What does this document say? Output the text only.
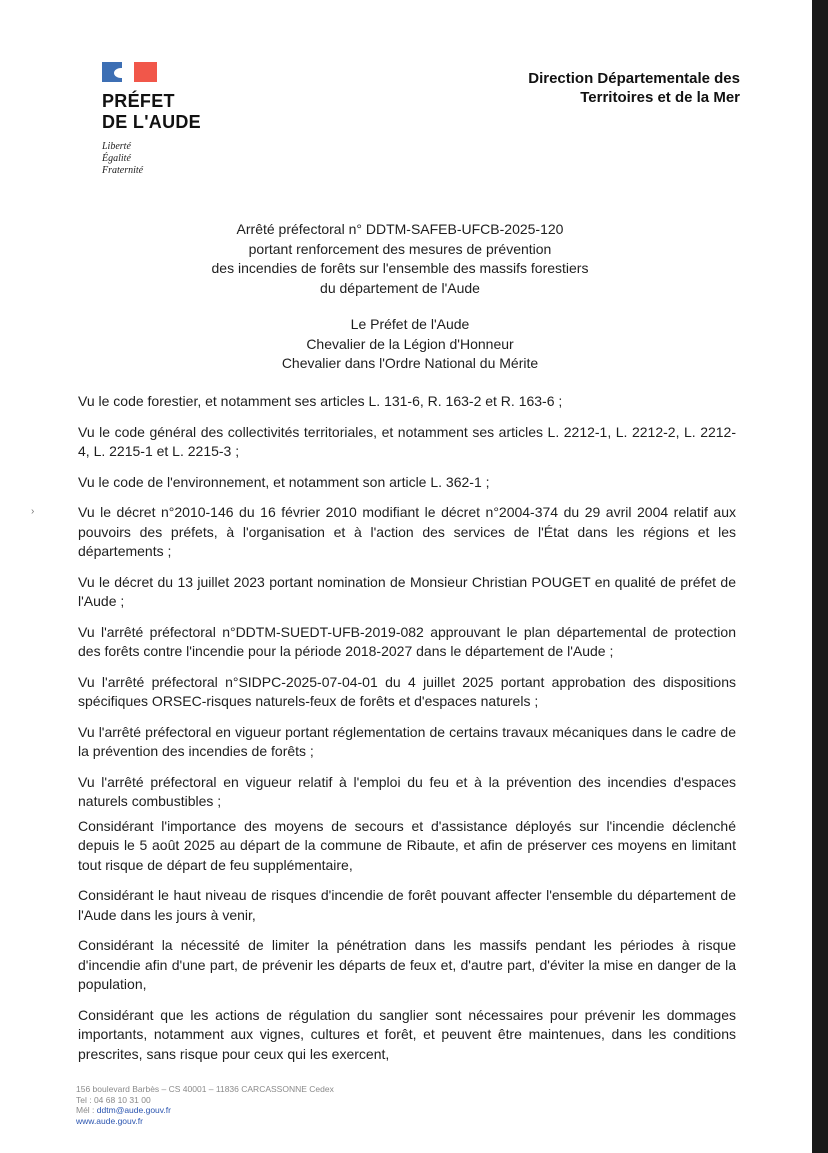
PRÉFET
DE L'AUDE
Liberté
Égalité
Fraternité
Direction Départementale des
Territoires et de la Mer
Arrêté préfectoral n° DDTM-SAFEB-UFCB-2025-120
portant renforcement des mesures de prévention
des incendies de forêts sur l'ensemble des massifs forestiers
du département de l'Aude
Le Préfet de l'Aude
Chevalier de la Légion d'Honneur
Chevalier dans l'Ordre National du Mérite
›

Vu le code forestier, et notamment ses articles L. 131-6, R. 163-2 et R. 163-6 ;

Vu le code général des collectivités territoriales, et notamment ses articles L. 2212-1, L. 2212-2, L. 2212-4, L. 2215-1 et L. 2215-3 ;

Vu le code de l'environnement, et notamment son article L. 362-1 ;

Vu le décret n°2010-146 du 16 février 2010 modifiant le décret n°2004-374 du 29 avril 2004 relatif aux pouvoirs des préfets, à l'organisation et à l'action des services de l'État dans les régions et les départements ;

Vu le décret du 13 juillet 2023 portant nomination de Monsieur Christian POUGET en qualité de préfet de l'Aude ;

Vu l'arrêté préfectoral n°DDTM-SUEDT-UFB-2019-082 approuvant le plan départemental de protection des forêts contre l'incendie pour la période 2018-2027 dans le département de l'Aude ;

Vu l'arrêté préfectoral n°SIDPC-2025-07-04-01 du 4 juillet 2025 portant approbation des dispositions spécifiques ORSEC-risques naturels-feux de forêts et d'espaces naturels ;

Vu l'arrêté préfectoral en vigueur portant réglementation de certains travaux mécaniques dans le cadre de la prévention des incendies de forêts ;

Vu l'arrêté préfectoral en vigueur relatif à l'emploi du feu et à la prévention des incendies d'espaces naturels combustibles ;

Considérant l'importance des moyens de secours et d'assistance déployés sur l'incendie déclenché depuis le 5 août 2025 au départ de la commune de Ribaute, et afin de préserver ces moyens en limitant tout risque de départ de feu supplémentaire,

Considérant le haut niveau de risques d'incendie de forêt pouvant affecter l'ensemble du département de l'Aude dans les jours à venir,

Considérant la nécessité de limiter la pénétration dans les massifs pendant les périodes à risque d'incendie afin d'une part, de prévenir les départs de feux et, d'autre part, d'éviter la mise en danger de la population,

Considérant que les actions de régulation du sanglier sont nécessaires pour prévenir les dommages importants, notamment aux vignes, cultures et forêt, et peuvent être maintenues, dans les conditions prescrites, sans risque pour ceux qui les exercent,

156 boulevard Barbès – CS 40001 – 11836 CARCASSONNE Cedex
Tel : 04 68 10 31 00
Mél : ddtm@aude.gouv.fr
www.aude.gouv.fr
